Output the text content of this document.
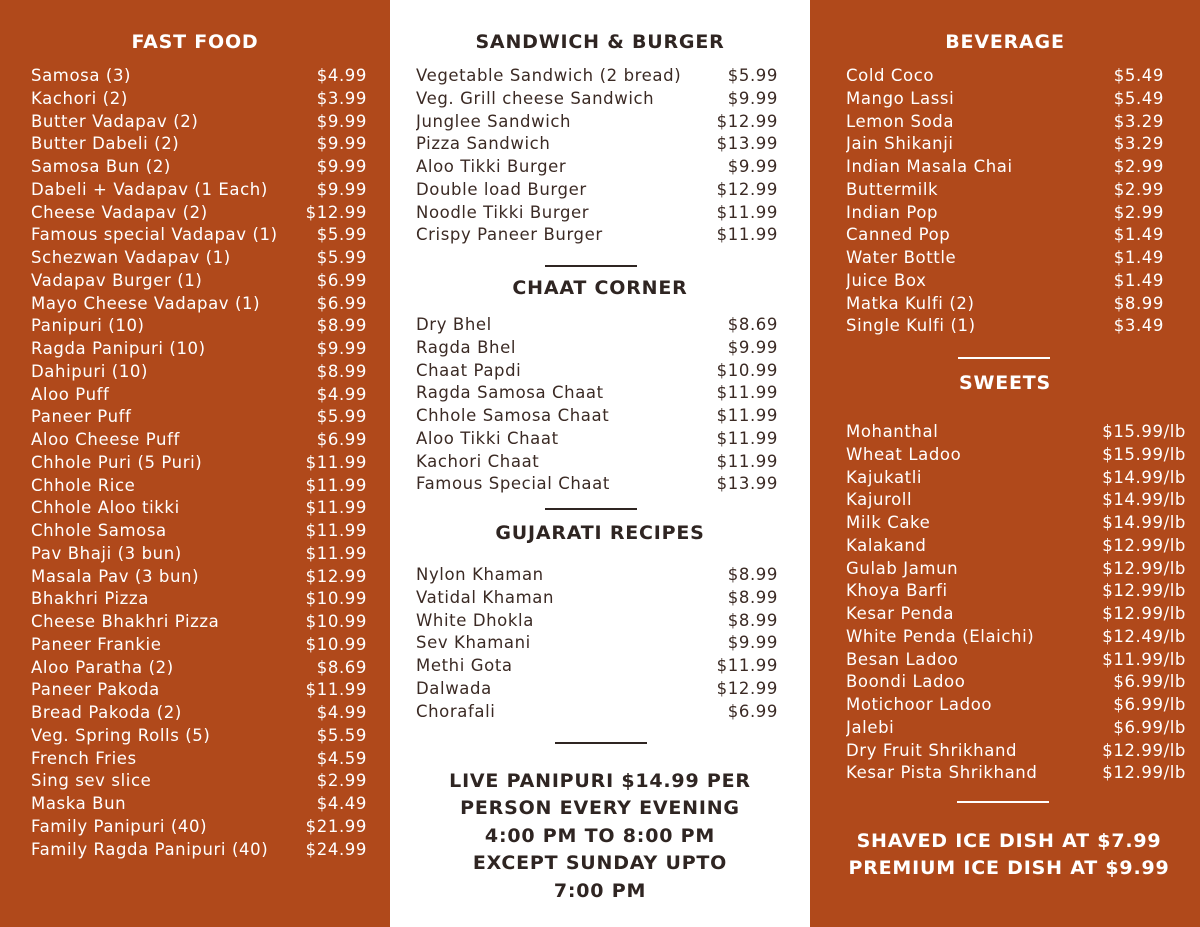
FAST FOOD
Samosa (3)	$4.99
Kachori (2)	$3.99
Butter Vadapav (2)	$9.99
Butter Dabeli (2)	$9.99
Samosa Bun (2)	$9.99
Dabeli + Vadapav (1 Each)	$9.99
Cheese Vadapav (2)	$12.99
Famous special Vadapav (1)	$5.99
Schezwan Vadapav (1)	$5.99
Vadapav Burger (1)	$6.99
Mayo Cheese Vadapav (1)	$6.99
Panipuri (10)	$8.99
Ragda Panipuri (10)	$9.99
Dahipuri (10)	$8.99
Aloo Puff	$4.99
Paneer Puff	$5.99
Aloo Cheese Puff	$6.99
Chhole Puri (5 Puri)	$11.99
Chhole Rice	$11.99
Chhole Aloo tikki	$11.99
Chhole Samosa	$11.99
Pav Bhaji (3 bun)	$11.99
Masala Pav (3 bun)	$12.99
Bhakhri Pizza	$10.99
Cheese Bhakhri Pizza	$10.99
Paneer Frankie	$10.99
Aloo Paratha (2)	$8.69
Paneer Pakoda	$11.99
Bread Pakoda (2)	$4.99
Veg. Spring Rolls (5)	$5.59
French Fries	$4.59
Sing sev slice	$2.99
Maska Bun	$4.49
Family Panipuri (40)	$21.99
Family Ragda Panipuri (40)	$24.99
SANDWICH & BURGER
Vegetable Sandwich (2 bread)	$5.99
Veg. Grill cheese Sandwich	$9.99
Junglee Sandwich	$12.99
Pizza Sandwich	$13.99
Aloo Tikki Burger	$9.99
Double load Burger	$12.99
Noodle Tikki Burger	$11.99
Crispy Paneer Burger	$11.99
CHAAT CORNER
Dry Bhel	$8.69
Ragda Bhel	$9.99
Chaat Papdi	$10.99
Ragda Samosa Chaat	$11.99
Chhole Samosa Chaat	$11.99
Aloo Tikki Chaat	$11.99
Kachori Chaat	$11.99
Famous Special Chaat	$13.99
GUJARATI RECIPES
Nylon Khaman	$8.99
Vatidal Khaman	$8.99
White Dhokla	$8.99
Sev Khamani	$9.99
Methi Gota	$11.99
Dalwada	$12.99
Chorafali	$6.99

LIVE PANIPURI $14.99 PER
PERSON EVERY EVENING
4:00 PM TO 8:00 PM
EXCEPT SUNDAY UPTO
7:00 PM

BEVERAGE
Cold Coco	$5.49
Mango Lassi	$5.49
Lemon Soda	$3.29
Jain Shikanji	$3.29
Indian Masala Chai	$2.99
Buttermilk	$2.99
Indian Pop	$2.99
Canned Pop	$1.49
Water Bottle	$1.49
Juice Box	$1.49
Matka Kulfi (2)	$8.99
Single Kulfi (1)	$3.49
SWEETS
Mohanthal	$15.99/lb
Wheat Ladoo	$15.99/lb
Kajukatli	$14.99/lb
Kajuroll	$14.99/lb
Milk Cake	$14.99/lb
Kalakand	$12.99/lb
Gulab Jamun	$12.99/lb
Khoya Barfi	$12.99/lb
Kesar Penda	$12.99/lb
White Penda (Elaichi)	$12.49/lb
Besan Ladoo	$11.99/lb
Boondi Ladoo	$6.99/lb
Motichoor Ladoo	$6.99/lb
Jalebi	$6.99/lb
Dry Fruit Shrikhand	$12.99/lb
Kesar Pista Shrikhand	$12.99/lb

SHAVED ICE DISH AT $7.99
PREMIUM ICE DISH AT $9.99
